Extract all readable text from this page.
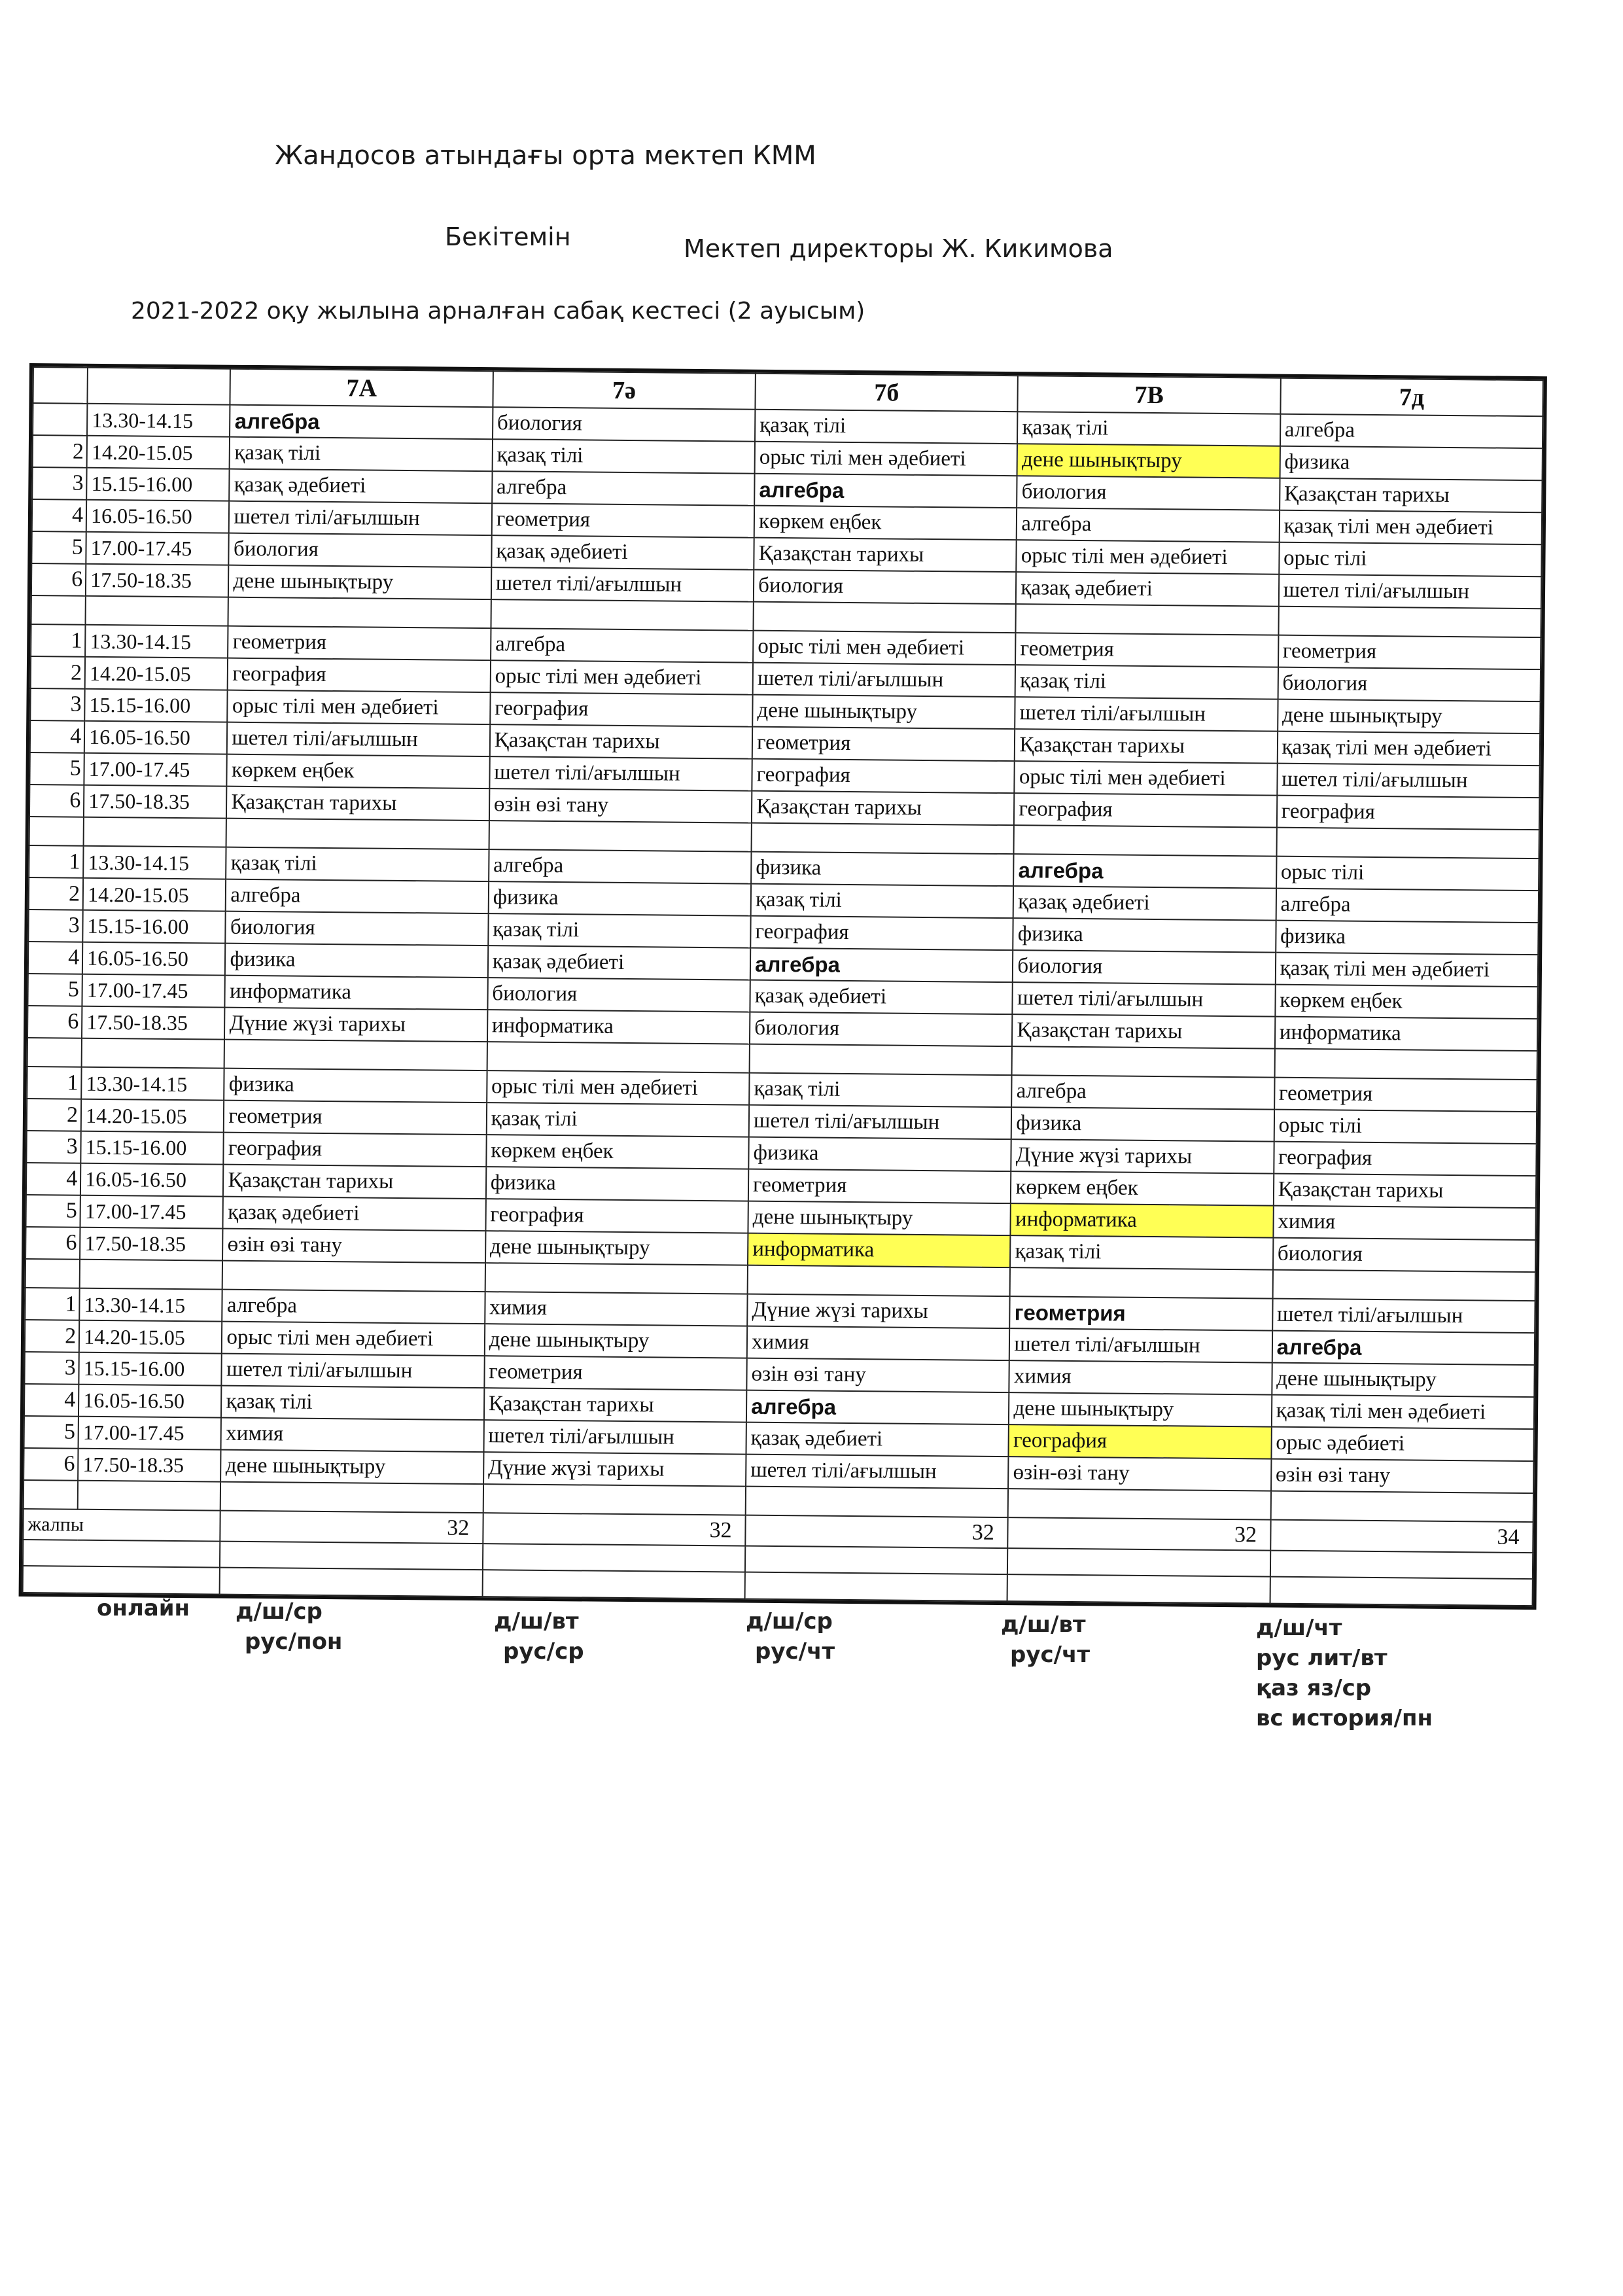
Жандосов атындағы орта мектеп КММ
Бекітемін	Мектеп директоры Ж. Кикимова
2021-2022 оқу жылына арналған сабақ кестесі (2 ауысым)
		7А	7ә	7б	7В	7д
	13.30-14.15	алгебра	биология	қазақ тілі	қазақ тілі	алгебра
2	14.20-15.05	қазақ тілі	қазақ тілі	орыс тілі мен әдебиеті	дене шынықтыру	физика
3	15.15-16.00	қазақ әдебиеті	алгебра	алгебра	биология	Қазақстан тарихы
4	16.05-16.50	шетел тілі/ағылшын	геометрия	көркем еңбек	алгебра	қазақ тілі мен әдебиеті
5	17.00-17.45	биология	қазақ әдебиеті	Қазақстан тарихы	орыс тілі мен әдебиеті	орыс тілі
6	17.50-18.35	дене шынықтыру	шетел тілі/ағылшын	биология	қазақ әдебиеті	шетел тілі/ағылшын

1	13.30-14.15	геометрия	алгебра	орыс тілі мен әдебиеті	геометрия	геометрия
2	14.20-15.05	география	орыс тілі мен әдебиеті	шетел тілі/ағылшын	қазақ тілі	биология
3	15.15-16.00	орыс тілі мен әдебиеті	география	дене шынықтыру	шетел тілі/ағылшын	дене шынықтыру
4	16.05-16.50	шетел тілі/ағылшын	Қазақстан тарихы	геометрия	Қазақстан тарихы	қазақ тілі мен әдебиеті
5	17.00-17.45	көркем еңбек	шетел тілі/ағылшын	география	орыс тілі мен әдебиеті	шетел тілі/ағылшын
6	17.50-18.35	Қазақстан тарихы	өзін өзі тану	Қазақстан тарихы	география	география

1	13.30-14.15	қазақ тілі	алгебра	физика	алгебра	орыс тілі
2	14.20-15.05	алгебра	физика	қазақ тілі	қазақ әдебиеті	алгебра
3	15.15-16.00	биология	қазақ тілі	география	физика	физика
4	16.05-16.50	физика	қазақ әдебиеті	алгебра	биология	қазақ тілі мен әдебиеті
5	17.00-17.45	информатика	биология	қазақ әдебиеті	шетел тілі/ағылшын	көркем еңбек
6	17.50-18.35	Дүние жүзі тарихы	информатика	биология	Қазақстан тарихы	информатика

1	13.30-14.15	физика	орыс тілі мен әдебиеті	қазақ тілі	алгебра	геометрия
2	14.20-15.05	геометрия	қазақ тілі	шетел тілі/ағылшын	физика	орыс тілі
3	15.15-16.00	география	көркем еңбек	физика	Дүние жүзі тарихы	география
4	16.05-16.50	Қазақстан тарихы	физика	геометрия	көркем еңбек	Қазақстан тарихы
5	17.00-17.45	қазақ әдебиеті	география	дене шынықтыру	информатика	химия
6	17.50-18.35	өзін өзі тану	дене шынықтыру	информатика	қазақ тілі	биология

1	13.30-14.15	алгебра	химия	Дүние жүзі тарихы	геометрия	шетел тілі/ағылшын
2	14.20-15.05	орыс тілі мен әдебиеті	дене шынықтыру	химия	шетел тілі/ағылшын	алгебра
3	15.15-16.00	шетел тілі/ағылшын	геометрия	өзін өзі тану	химия	дене шынықтыру
4	16.05-16.50	қазақ тілі	Қазақстан тарихы	алгебра	дене шынықтыру	қазақ тілі мен әдебиеті
5	17.00-17.45	химия	шетел тілі/ағылшын	қазақ әдебиеті	география	орыс әдебиеті
6	17.50-18.35	дене шынықтыру	Дүние жүзі тарихы	шетел тілі/ағылшын	өзін-өзі тану	өзін өзі тану

жалпы		32	32	32	32	34

онлайн д/ш/ср
рус/пон
д/ш/вт
рус/ср
д/ш/ср
рус/чт
д/ш/вт
рус/чт
д/ш/чт
рус лит/вт
қаз яз/ср
вс история/пн
